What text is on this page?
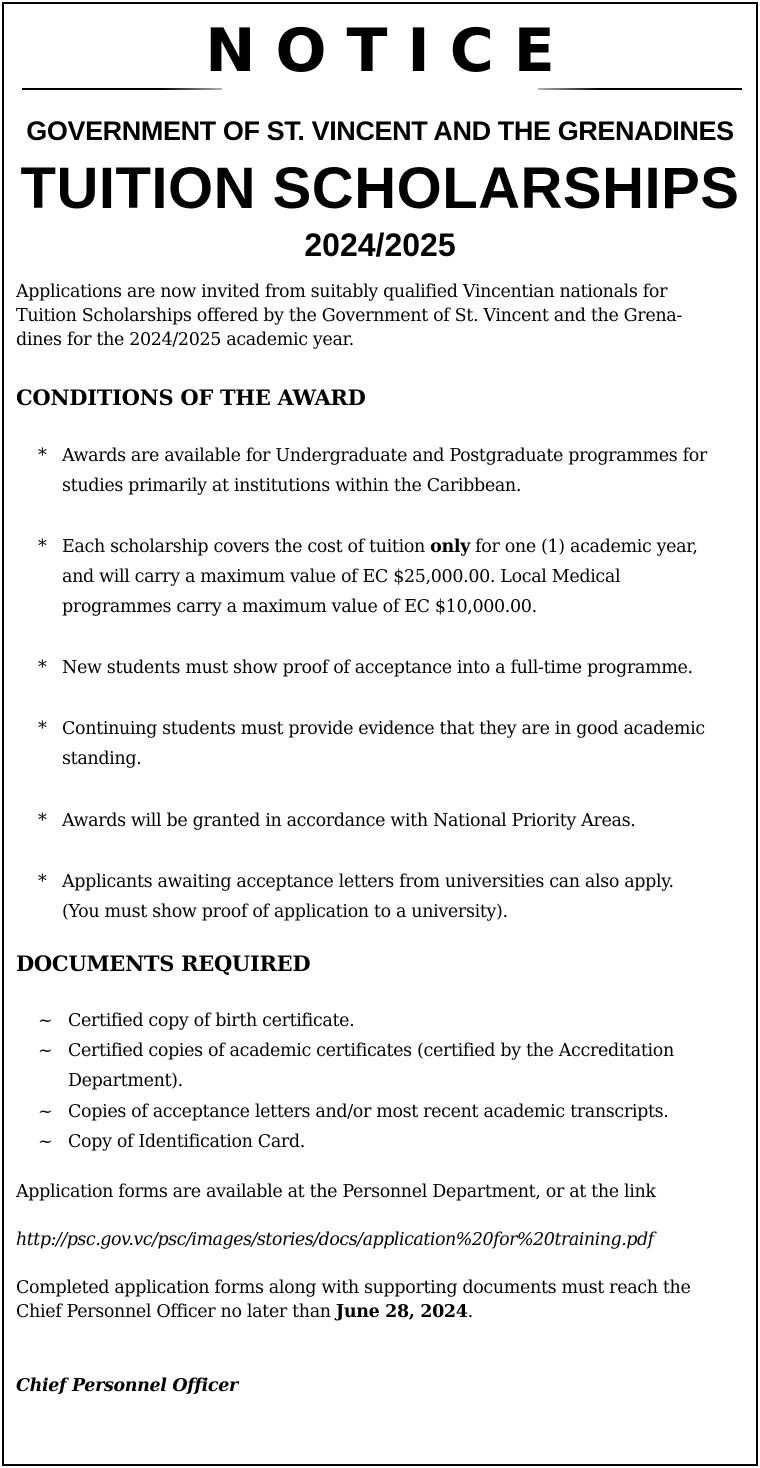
NOTICE
GOVERNMENT OF ST. VINCENT AND THE GRENADINES
TUITION SCHOLARSHIPS
2024/2025
Applications are now invited from suitably qualified Vincentian nationals for
Tuition Scholarships offered by the Government of St. Vincent and the Grena-
dines for the 2024/2025 academic year.
CONDITIONS OF THE AWARD
* Awards are available for Undergraduate and Postgraduate programmes for
studies primarily at institutions within the Caribbean.
* Each scholarship covers the cost of tuition only for one (1) academic year,
and will carry a maximum value of EC $25,000.00. Local Medical
programmes carry a maximum value of EC $10,000.00.
* New students must show proof of acceptance into a full-time programme.
* Continuing students must provide evidence that they are in good academic
standing.
* Awards will be granted in accordance with National Priority Areas.
* Applicants awaiting acceptance letters from universities can also apply.
(You must show proof of application to a university).
DOCUMENTS REQUIRED
~ Certified copy of birth certificate.
~ Certified copies of academic certificates (certified by the Accreditation
Department).
~ Copies of acceptance letters and/or most recent academic transcripts.
~ Copy of Identification Card.
Application forms are available at the Personnel Department, or at the link
http://psc.gov.vc/psc/images/stories/docs/application%20for%20training.pdf
Completed application forms along with supporting documents must reach the
Chief Personnel Officer no later than June 28, 2024.
Chief Personnel Officer
